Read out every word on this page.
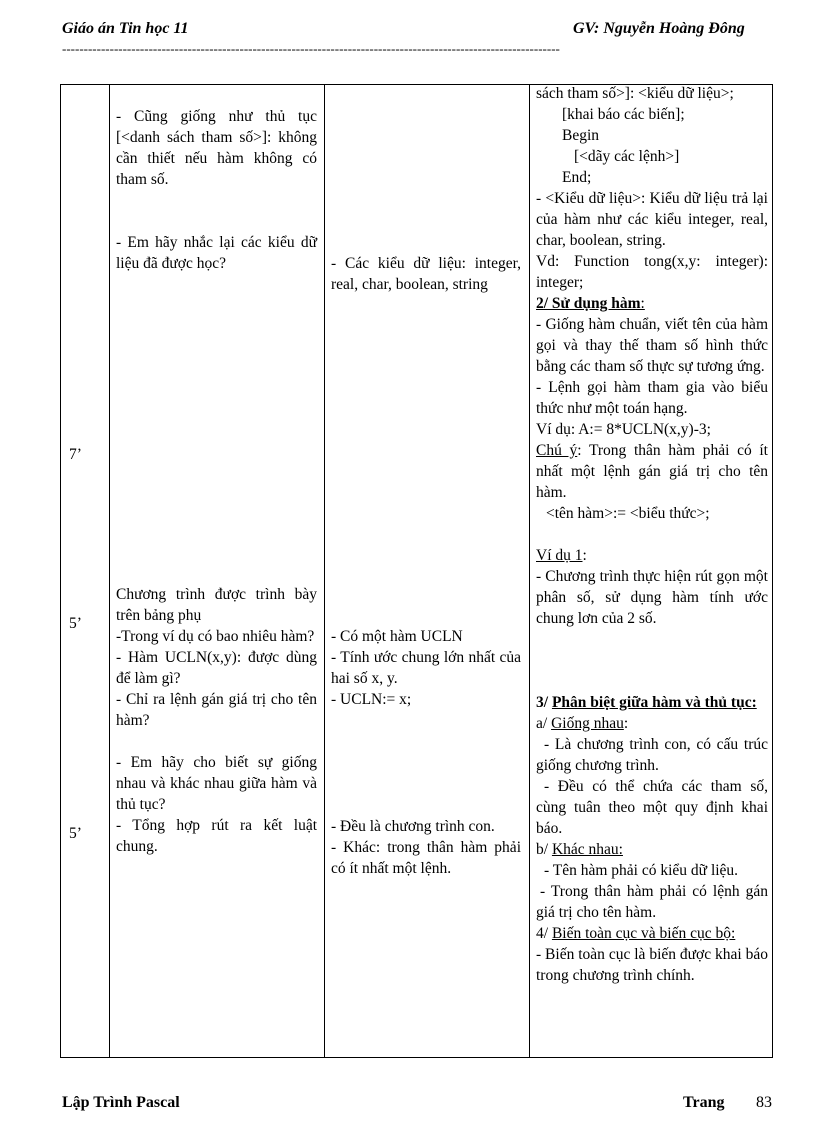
Giáo án Tin học 11	GV: Nguyễn Hoàng Đông
-------------------------------------------------------------------------------------------------------------------
7’
5’
5’

- Cũng giống như thủ tục [<danh sách tham số>]: không cần thiết nếu hàm không có tham số.

- Em hãy nhắc lại các kiểu dữ liệu đã được học?

Chương trình được trình bày trên bảng phụ

-Trong ví dụ có bao nhiêu hàm?

- Hàm UCLN(x,y): được dùng để làm gì?

- Chỉ ra lệnh gán giá trị cho tên hàm?

- Em hãy cho biết sự giống nhau và khác nhau giữa hàm và thủ tục?

- Tổng hợp rút ra kết luật chung.

- Các kiểu dữ liệu: integer, real, char, boolean, string

- Có một hàm UCLN

- Tính ước chung lớn nhất của hai số x, y.

- UCLN:= x;

- Đều là chương trình con.

- Khác: trong thân hàm phải có ít nhất một lệnh.

sách tham số>]: <kiểu dữ liệu>;

[khai báo các biến];

Begin

[<dãy các lệnh>]

End;

- <Kiểu dữ liệu>: Kiểu dữ liệu trả lại của hàm như các kiểu integer, real, char, boolean, string.

Vd: Function tong(x,y: integer): integer;

2/ Sử dụng hàm:

- Giống hàm chuẩn, viết tên của hàm gọi và thay thế tham số hình thức bằng các tham số thực sự tương ứng.

- Lệnh gọi hàm tham gia vào biểu thức như một toán hạng.

Ví dụ: A:= 8*UCLN(x,y)-3;

Chú ý: Trong thân hàm phải có ít nhất một lệnh gán giá trị cho tên hàm.

<tên hàm>:= <biểu thức>;

Ví dụ 1:

- Chương trình thực hiện rút gọn một phân số, sử dụng hàm tính ước chung lơn của 2 số.

3/ Phân biệt giữa hàm và thủ tục:

a/ Giống nhau:

- Là chương trình con, có cấu trúc giống chương trình.

- Đều có thể chứa các tham số, cùng tuân theo một quy định khai báo.

b/ Khác nhau:

- Tên hàm phải có kiểu dữ liệu.

- Trong thân hàm phải có lệnh gán giá trị cho tên hàm.

4/ Biến toàn cục và biến cục bộ:

- Biến toàn cục là biến được khai báo trong chương trình chính.

Lập Trình Pascal	Trang 83
